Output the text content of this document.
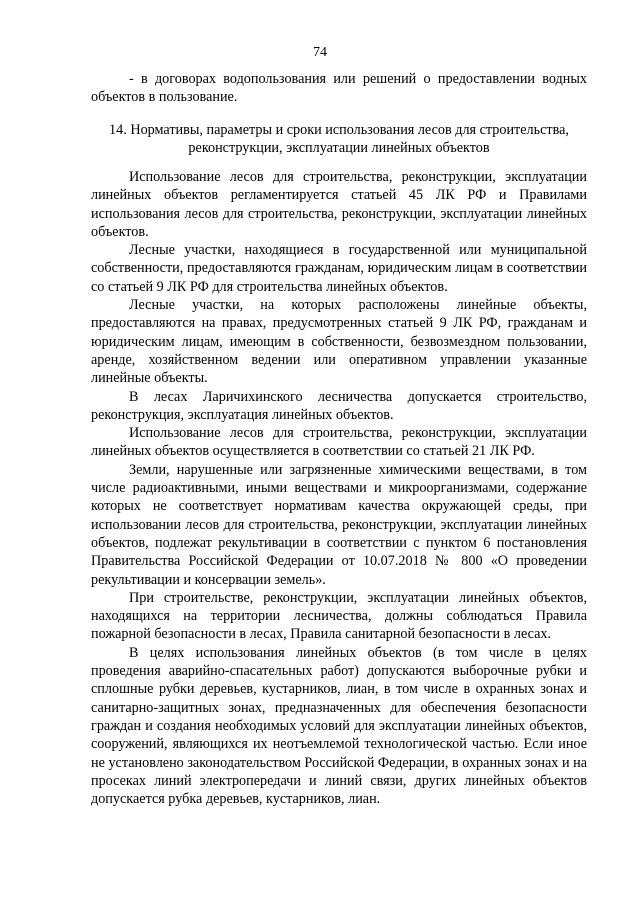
74

- в договорах водопользования или решений о предоставлении водных объектов в пользование.

14. Нормативы, параметры и сроки использования лесов для строительства, реконструкции, эксплуатации линейных объектов

Использование лесов для строительства, реконструкции, эксплуатации линейных объектов регламентируется статьей 45 ЛК РФ и Правилами использования лесов для строительства, реконструкции, эксплуатации линейных объектов.

Лесные участки, находящиеся в государственной или муниципальной собственности, предоставляются гражданам, юридическим лицам в соответствии со статьей 9 ЛК РФ для строительства линейных объектов.

Лесные участки, на которых расположены линейные объекты, предоставляются на правах, предусмотренных статьей 9 ЛК РФ, гражданам и юридическим лицам, имеющим в собственности, безвозмездном пользовании, аренде, хозяйственном ведении или оперативном управлении указанные линейные объекты.

В лесах Ларичихинского лесничества допускается строительство, реконструкция, эксплуатация линейных объектов.

Использование лесов для строительства, реконструкции, эксплуатации линейных объектов осуществляется в соответствии со статьей 21 ЛК РФ.

Земли, нарушенные или загрязненные химическими веществами, в том числе радиоактивными, иными веществами и микроорганизмами, содержание которых не соответствует нормативам качества окружающей среды, при использовании лесов для строительства, реконструкции, эксплуатации линейных объектов, подлежат рекультивации в соответствии с пунктом 6 постановления Правительства Российской Федерации от 10.07.2018 № 800 «О проведении рекультивации и консервации земель».

При строительстве, реконструкции, эксплуатации линейных объектов, находящихся на территории лесничества, должны соблюдаться Правила пожарной безопасности в лесах, Правила санитарной безопасности в лесах.

В целях использования линейных объектов (в том числе в целях проведения аварийно-спасательных работ) допускаются выборочные рубки и сплошные рубки деревьев, кустарников, лиан, в том числе в охранных зонах и санитарно-защитных зонах, предназначенных для обеспечения безопасности граждан и создания необходимых условий для эксплуатации линейных объектов, сооружений, являющихся их неотъемлемой технологической частью. Если иное не установлено законодательством Российской Федерации, в охранных зонах и на просеках линий электропередачи и линий связи, других линейных объектов допускается рубка деревьев, кустарников, лиан.
